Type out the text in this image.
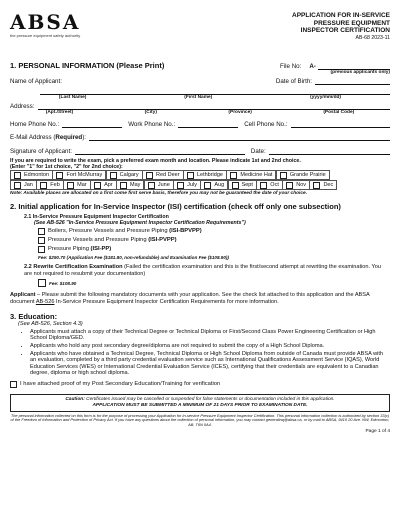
ABSA
the pressure equipment safety authority
APPLICATION FOR IN-SERVICE
PRESSURE EQUIPMENT
INSPECTOR CERTIFICATION
AB-68 2023-11
1. PERSONAL INFORMATION (Please Print)	File No: A-
(previous applicants only)
Name of Applicant:	Date of Birth:
(Last Name)	(First Name)	(yyyy/mm/dd)
Address:
(Apt./Street)	(City)	(Province)	(Postal Code)
Home Phone No.:	Work Phone No.:	Cell Phone No.:
E-Mail Address ( Required ):
Signature of Applicant:	Date:
If you are required to write the exam, pick a preferred exam month and location. Please indicate 1st and 2nd choice.
(Enter "1" for 1st choice, "2" for 2nd choice):
Edmonton	Fort McMurray	Calgary	Red Deer	Lethbridge	Medicine Hat	Grande Prairie
Jan	Feb	Mar	Apr	May	June	July	Aug	Sept	Oct	Nov	Dec
Note: Available places are allocated on a first come first serve basis, therefore you may not be guaranteed the date of your choice.
2. Initial application for In-Service Inspector (ISI) certification (check off only one subsection)
2.1 In-Service Pressure Equipment Inspector Certification
(See AB-526 "In-Service Pressure Equipment Inspector Certification Requirements")
Boilers, Pressure Vessels and Pressure Piping
(ISI-BPVPP)
Pressure Vessels and Pressure Piping
(ISI-PVPP)
Pressure Piping
(ISI-PP)
Fee: $290.70 (Application Fee ($181.80, non-refundable) and Examination Fee ($108.90))
2.2 Rewrite Certification Examination (Failed the certification examination and this is the first/second attempt at rewriting the examination. You are not required to resubmit your documentation)
Fee: $108.90
Applicant – Please submit the following mandatory documents with your application. See the check list attached to this application and the ABSA document AB-526 In-Service Pressure Equipment Inspector Certification Requirements for more information.
3. Education:
(See AB-526, Section 4.3)
• Applicants must attach a copy of their Technical Degree or Technical Diploma or First/Second Class Power Engineering Certification or High School Diploma/GED.
• Applicants who hold any post secondary degree/diploma are not required to submit the copy of a High School Diploma.
• Applicants who have obtained a Technical Degree, Technical Diploma or High School Diploma from outside of Canada must provide ABSA with an evaluation, completed by a third party credential evaluation service such as International Qualifications Assessment Service (IQAS), World Education Services (WES) or International Credential Evaluation Service (ICES), certifying that their credentials are equivalent to a Canadian degree, diploma or high school diploma.
I have attached proof of my Post Secondary Education/Training for verification
Caution: Certificates issued may be cancelled or suspended for false statements or documentation included in this application.
APPLICATION MUST BE SUBMITTED A MINIMUM OF 21 DAYS PRIOR TO EXAMINATION DATE.
The personal information collected on this form is for the purpose of processing your Application for In-service Pressure Equipment Inspector Certification. This personal information collection is authorized by section 33(c) of the Freedom of Information and Protection of Privacy Act. If you have any questions about the collection of personal information, you may contact generalinq@absa.ca, or by mail to ABSA, 9410 20 Ave. NW, Edmonton, AB, T6N 0A4.
Page 1 of 4
